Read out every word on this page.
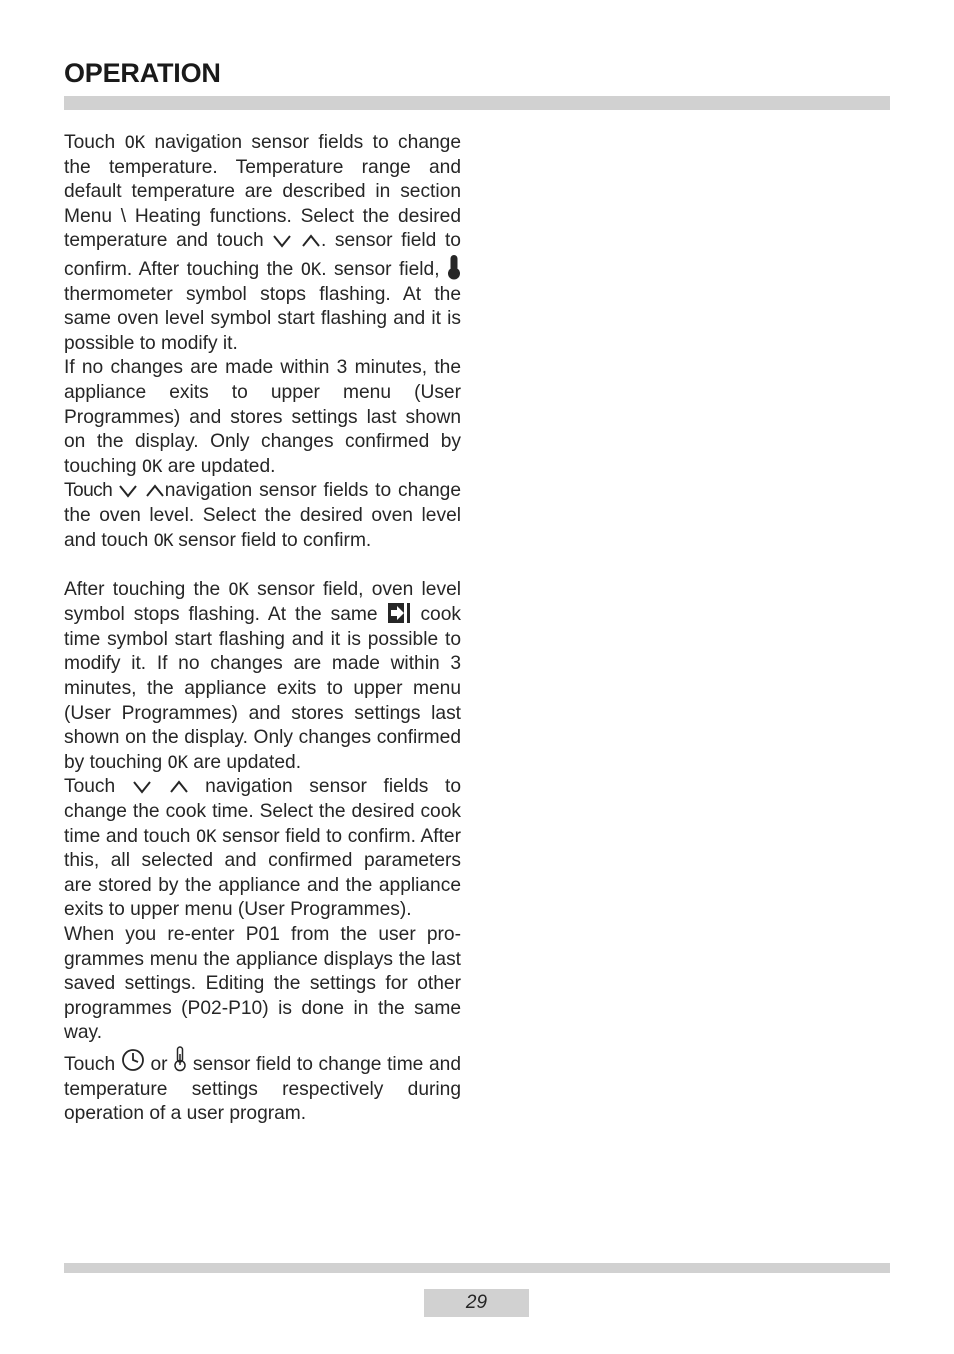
OPERATION

Touch OK navigation sensor fields to change the temperature. Temperature range and default temperature are described in section Menu \ Heating functions. Select the desired temperature and touch
	. sensor field to confirm. After touching the OK. sensor field,
thermometer symbol stops flashing. At the same oven level symbol start flashing and it is possible to modify it.

If no changes are made within 3 minutes, the appliance exits to upper menu (User Programmes) and stores settings last shown on the display. Only changes confirmed by touching OK are updated.

Touch

navigation sensor fields to change the oven level. Select the desired oven level and touch OK sensor field to confirm.

After touching the OK sensor field, oven level symbol stops flashing. At the same
cook time symbol start flashing and it is possible to modify it. If no changes are made within 3 minutes, the appliance exits to upper menu (User Programmes) and stores settings last shown on the display. Only changes confirmed by touching OK are updated.

Touch
	navigation sensor fields to change the cook time. Select the desired cook time and touch OK sensor field to confirm. After this, all selected and confirmed parameters are stored by the appliance and the appliance exits to upper menu (User Programmes).

When you re-enter P01 from the user programmes menu the appliance displays the last saved settings. Editing the settings for other programmes (P02-P10) is done in the same way.

Touch
or
sensor field to change time and temperature settings respectively during operation of a user program.

29
